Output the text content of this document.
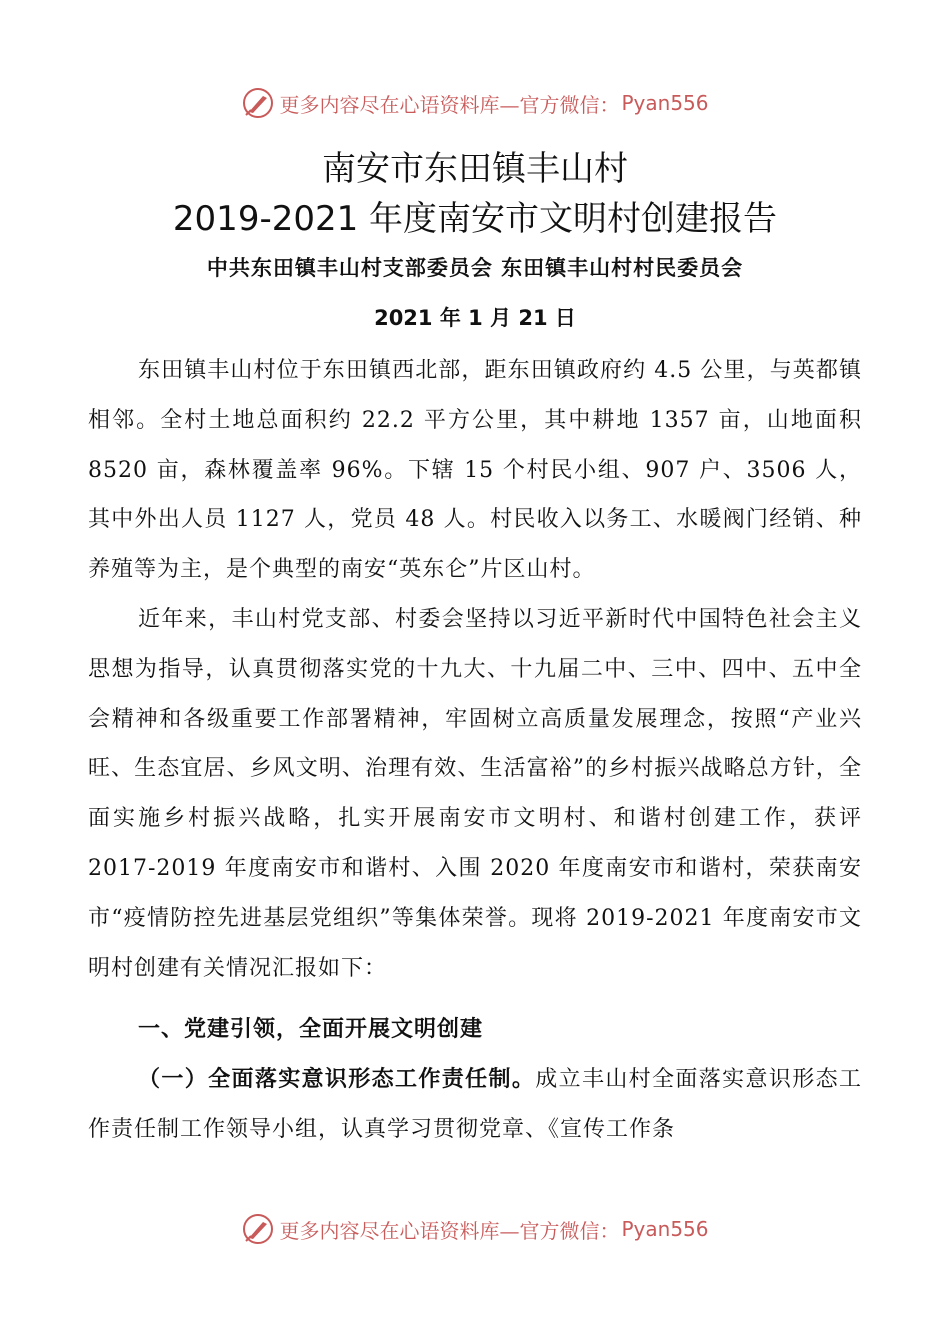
更多内容尽在心语资料库—官方微信： Pyan556
南安市东田镇丰山村
2019-2021 年度南安市文明村创建报告
中共东田镇丰山村支部委员会 东田镇丰山村村民委员会
2021 年 1 月 21 日

东田镇丰山村位于东田镇西北部，距东田镇政府约 4.5 公里，与英都镇相邻。全村土地总面积约 22.2 平方公里，其中耕地 1357 亩，山地面积 8520 亩，森林覆盖率 96%。下辖 15 个村民小组、907 户、3506 人，其中外出人员 1127 人，党员 48 人。村民收入以务工、水暖阀门经销、种养殖等为主，是个典型的南安“英东仑”片区山村。

近年来，丰山村党支部、村委会坚持以习近平新时代中国特色社会主义思想为指导，认真贯彻落实党的十九大、十九届二中、三中、四中、五中全会精神和各级重要工作部署精神，牢固树立高质量发展理念，按照“产业兴旺、生态宜居、乡风文明、治理有效、生活富裕”的乡村振兴战略总方针，全面实施乡村振兴战略，扎实开展南安市文明村、和谐村创建工作，获评 2017-2019 年度南安市和谐村、入围 2020 年度南安市和谐村，荣获南安市“疫情防控先进基层党组织”等集体荣誉。现将 2019-2021 年度南安市文明村创建有关情况汇报如下：

一、党建引领，全面开展文明创建

（一）全面落实意识形态工作责任制。成立丰山村全面落实意识形态工作责任制工作领导小组，认真学习贯彻党章、《宣传工作条

更多内容尽在心语资料库—官方微信： Pyan556
